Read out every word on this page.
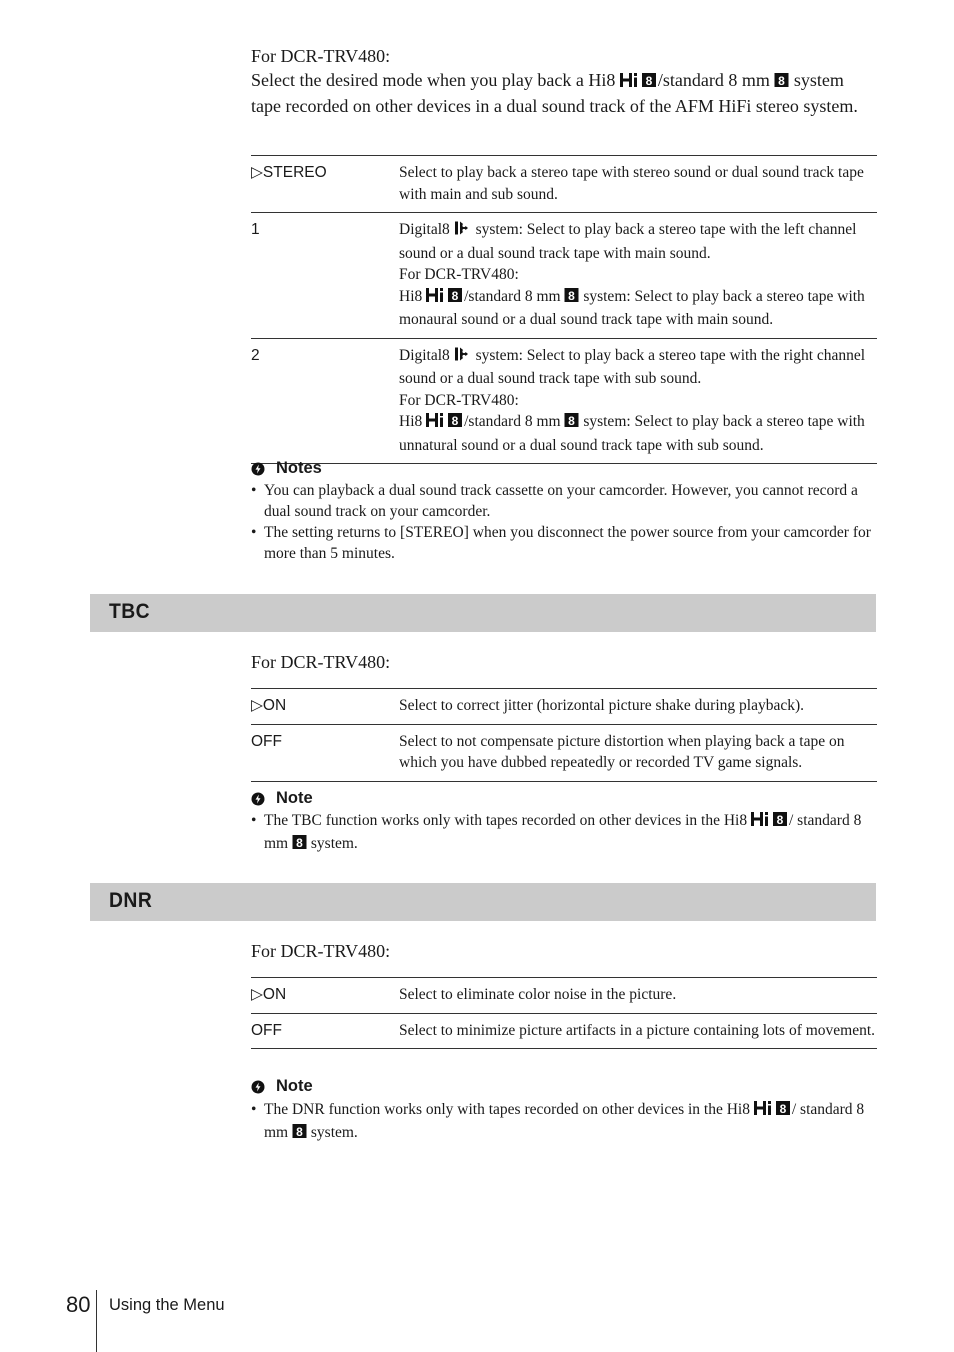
For DCR-TRV480:

Select the desired mode when you play back a Hi8 8 /standard 8 mm 8 system tape recorded on other devices in a dual sound track of the AFM HiFi stereo system.

▷STEREO	Select to play back a stereo tape with stereo sound or dual sound track tape with main and sub sound.
1	Digital8  system: Select to play back a stereo tape with the left channel sound or a dual sound track tape with main sound.
For DCR-TRV480:
Hi8 8 /standard 8 mm 8 system: Select to play back a stereo tape with monaural sound or a dual sound track tape with main sound.
2	Digital8  system: Select to play back a stereo tape with the right channel sound or a dual sound track tape with sub sound.
For DCR-TRV480:
Hi8 8 /standard 8 mm 8 system: Select to play back a stereo tape with unnatural sound or a dual sound track tape with sub sound.
Notes
• You can playback a dual sound track cassette on your camcorder. However, you cannot record a dual sound track on your camcorder.
• The setting returns to [STEREO] when you disconnect the power source from your camcorder for more than 5 minutes.
TBC
For DCR-TRV480:
▷ON	Select to correct jitter (horizontal picture shake during playback).
OFF	Select to not compensate picture distortion when playing back a tape on which you have dubbed repeatedly or recorded TV game signals.
Note
• The TBC function works only with tapes recorded on other devices in the Hi8 8 / standard 8 mm 8 system.
DNR
For DCR-TRV480:
▷ON	Select to eliminate color noise in the picture.
OFF	Select to minimize picture artifacts in a picture containing lots of movement.
Note
• The DNR function works only with tapes recorded on other devices in the Hi8 8 / standard 8 mm 8 system.
80 Using the Menu
